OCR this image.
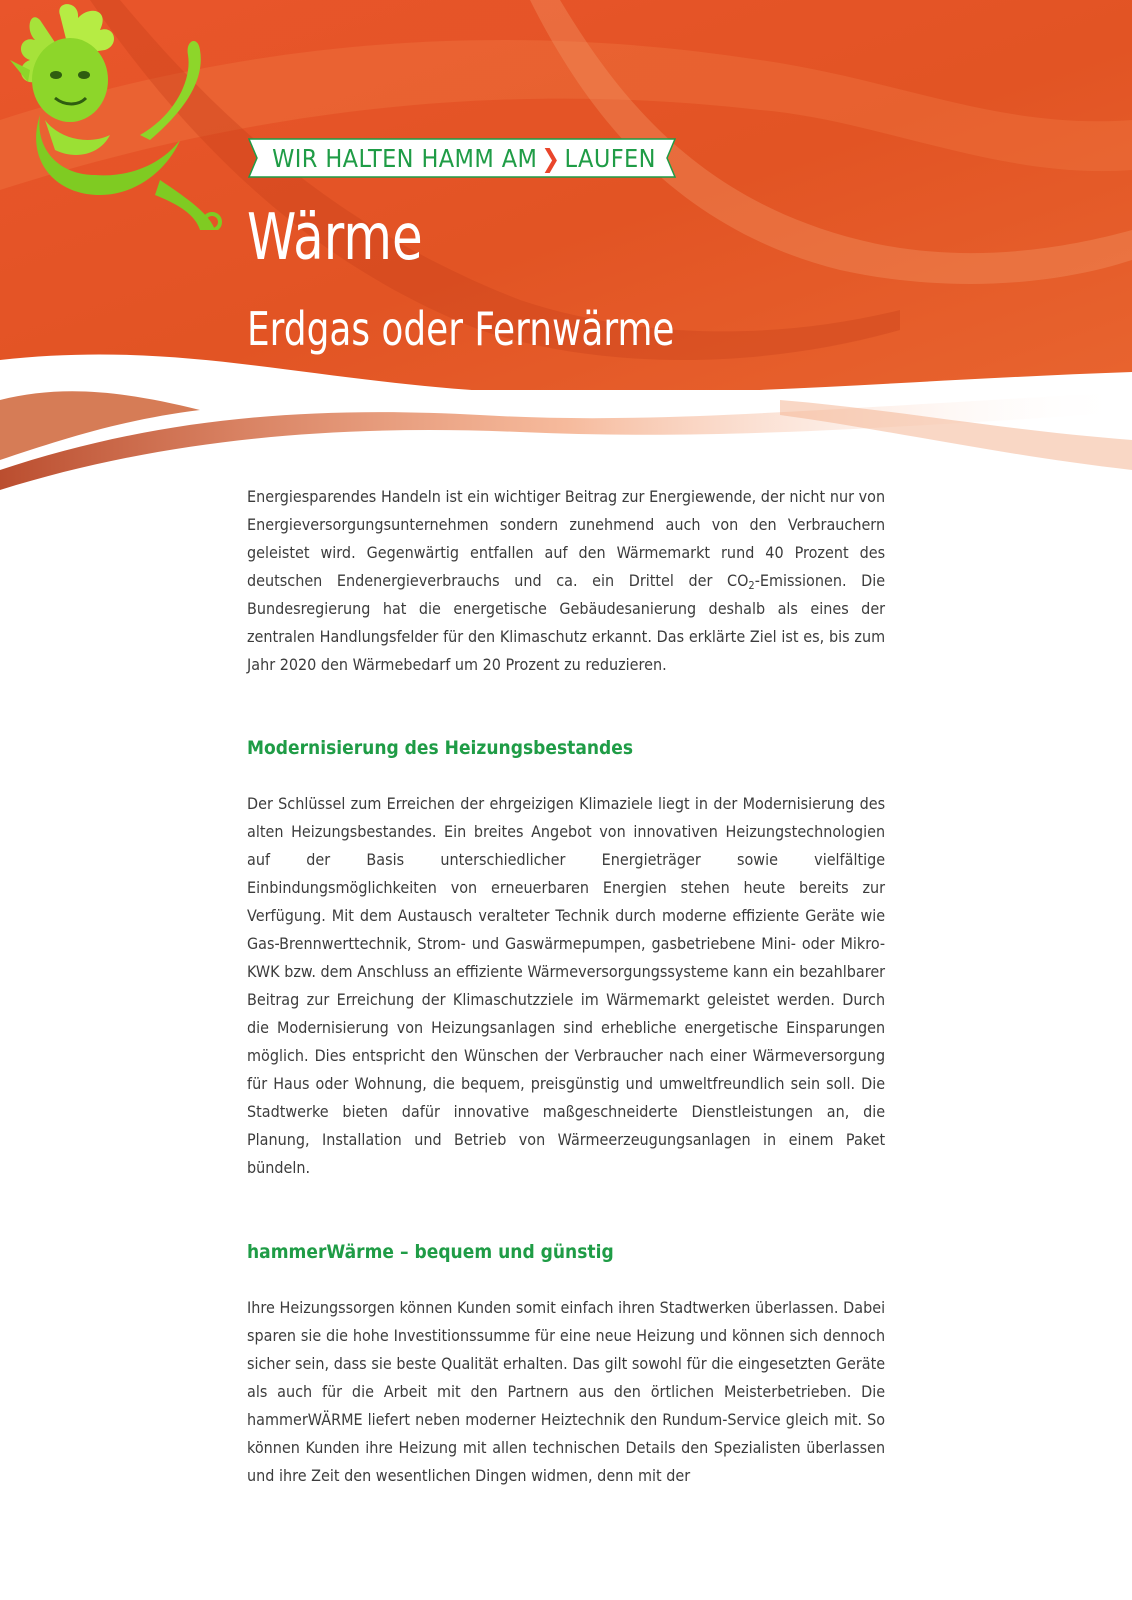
WIR HALTEN HAMM AM ❯ LAUFEN
Wärme
Erdgas oder Fernwärme

Energiesparendes Handeln ist ein wichtiger Beitrag zur Energiewende, der nicht nur von Energieversorgungsunternehmen sondern zunehmend auch von den Verbrauchern geleistet wird. Gegenwärtig entfallen auf den Wärmemarkt rund 40 Prozent des deutschen Endenergieverbrauchs und ca. ein Drittel der $CO_2$-Emissionen. Die Bundesregierung hat die energetische Gebäudesanierung deshalb als eines der zentralen Handlungsfelder für den Klimaschutz erkannt. Das erklärte Ziel ist es, bis zum Jahr 2020 den Wärmebedarf um 20 Prozent zu reduzieren.

Modernisierung des Heizungsbestandes

Der Schlüssel zum Erreichen der ehrgeizigen Klimaziele liegt in der Modernisierung des alten Heizungsbestandes. Ein breites Angebot von innovativen Heizungstechnologien auf der Basis unterschiedlicher Energieträger sowie vielfältige Einbindungsmöglichkeiten von erneuerbaren Energien stehen heute bereits zur Verfügung. Mit dem Austausch veralteter Technik durch moderne effiziente Geräte wie Gas-Brennwerttechnik, Strom- und Gaswärmepumpen, gasbetriebene Mini- oder Mikro-KWK bzw. dem Anschluss an effiziente Wärmeversorgungssysteme kann ein bezahlbarer Beitrag zur Erreichung der Klimaschutzziele im Wärmemarkt geleistet werden. Durch die Modernisierung von Heizungsanlagen sind erhebliche energetische Einsparungen möglich. Dies entspricht den Wünschen der Verbraucher nach einer Wärmeversorgung für Haus oder Wohnung, die bequem, preisgünstig und umweltfreundlich sein soll. Die Stadtwerke bieten dafür innovative maßgeschneiderte Dienstleistungen an, die Planung, Installation und Betrieb von Wärmeerzeugungsanlagen in einem Paket bündeln.

hammerWärme – bequem und günstig

Ihre Heizungssorgen können Kunden somit einfach ihren Stadtwerken überlassen. Dabei sparen sie die hohe Investitionssumme für eine neue Heizung und können sich dennoch sicher sein, dass sie beste Qualität erhalten. Das gilt sowohl für die eingesetzten Geräte als auch für die Arbeit mit den Partnern aus den örtlichen Meisterbetrieben. Die hammerWÄRME liefert neben moderner Heiztechnik den Rundum-Service gleich mit. So können Kunden ihre Heizung mit allen technischen Details den Spezialisten überlassen und ihre Zeit den wesentlichen Dingen widmen, denn mit der
